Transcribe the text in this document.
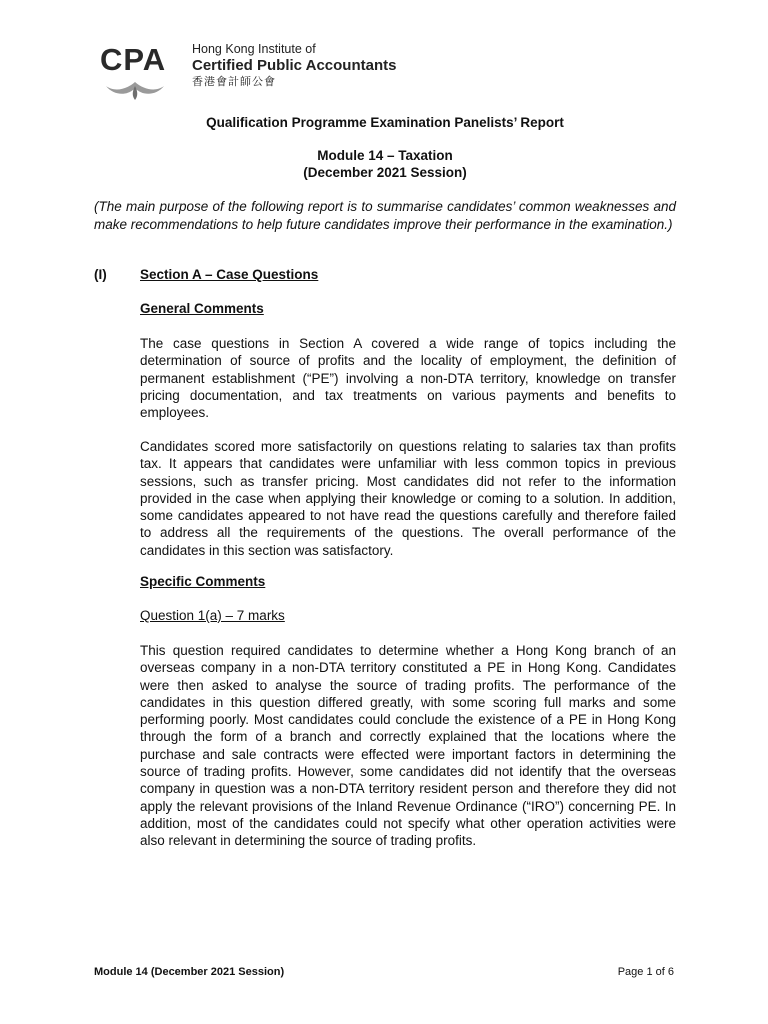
CPA Hong Kong Institute of
Certified Public Accountants
香港會計師公會
Qualification Programme Examination Panelists’ Report
Module 14 – Taxation
(December 2021 Session)
(The main purpose of the following report is to summarise candidates’ common weaknesses and make recommendations to help future candidates improve their performance in the examination.)
(I) Section A – Case Questions
General Comments
The case questions in Section A covered a wide range of topics including the determination of source of profits and the locality of employment, the definition of permanent establishment (“PE”) involving a non-DTA territory, knowledge on transfer pricing documentation, and tax treatments on various payments and benefits to employees.
Candidates scored more satisfactorily on questions relating to salaries tax than profits tax. It appears that candidates were unfamiliar with less common topics in previous sessions, such as transfer pricing. Most candidates did not refer to the information provided in the case when applying their knowledge or coming to a solution. In addition, some candidates appeared to not have read the questions carefully and therefore failed to address all the requirements of the questions. The overall performance of the candidates in this section was satisfactory.
Specific Comments
Question 1(a) – 7 marks
This question required candidates to determine whether a Hong Kong branch of an overseas company in a non-DTA territory constituted a PE in Hong Kong. Candidates were then asked to analyse the source of trading profits. The performance of the candidates in this question differed greatly, with some scoring full marks and some performing poorly. Most candidates could conclude the existence of a PE in Hong Kong through the form of a branch and correctly explained that the locations where the purchase and sale contracts were effected were important factors in determining the source of trading profits. However, some candidates did not identify that the overseas company in question was a non-DTA territory resident person and therefore they did not apply the relevant provisions of the Inland Revenue Ordinance (“IRO”) concerning PE. In addition, most of the candidates could not specify what other operation activities were also relevant in determining the source of trading profits.
Module 14 (December 2021 Session)	Page 1 of 6
